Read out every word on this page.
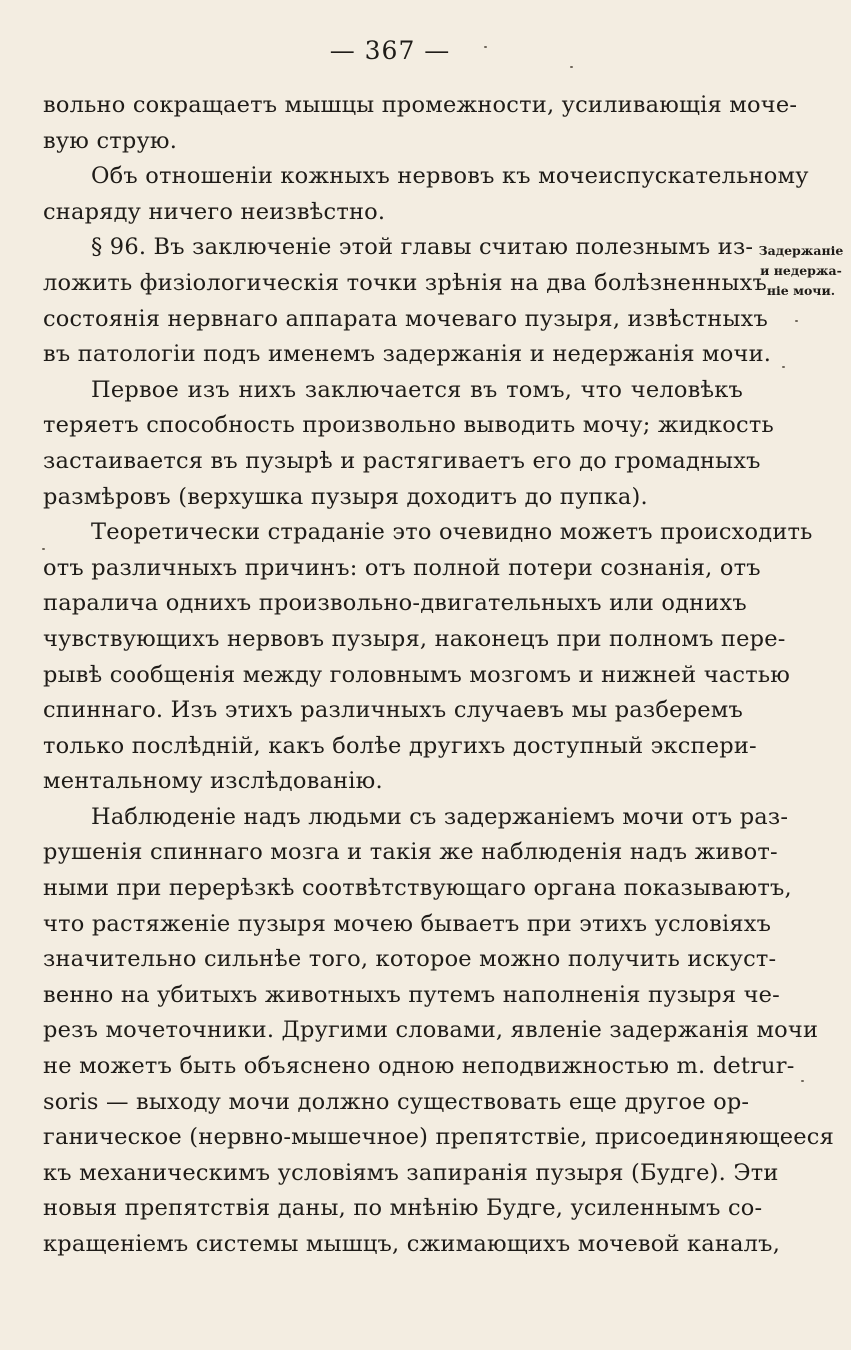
— 367 —
Задержаніе
и недержа-
ніе мочи.
вольно сокращаетъ мышцы промежности, усиливающія моче-
вую струю.
Объ отношеніи кожныхъ нервовъ къ мочеиспускательному
снаряду ничего неизвѣстно.
§ 96. Въ заключеніе этой главы считаю полезнымъ из-
ложить физіологическія точки зрѣнія на два болѣзненныхъ
состоянія нервнаго аппарата мочеваго пузыря, извѣстныхъ
въ патологіи подъ именемъ задержанія и недержанія мочи.
Первое изъ нихъ заключается въ томъ, что человѣкъ
теряетъ способность произвольно выводить мочу; жидкость
застаивается въ пузырѣ и растягиваетъ его до громадныхъ
размѣровъ (верхушка пузыря доходитъ до пупка).
Теоретически страданіе это очевидно можетъ происходить
отъ различныхъ причинъ: отъ полной потери сознанія, отъ
паралича однихъ произвольно-двигательныхъ или однихъ
чувствующихъ нервовъ пузыря, наконецъ при полномъ пере-
рывѣ сообщенія между головнымъ мозгомъ и нижней частью
спиннаго. Изъ этихъ различныхъ случаевъ мы разберемъ
только послѣдній, какъ болѣе другихъ доступный экспери-
ментальному изслѣдованію.
Наблюденіе надъ людьми съ задержаніемъ мочи отъ раз-
рушенія спиннаго мозга и такія же наблюденія надъ живот-
ными при перерѣзкѣ соотвѣтствующаго органа показываютъ,
что растяженіе пузыря мочею бываетъ при этихъ условіяхъ
значительно сильнѣе того, которое можно получить искуст-
венно на убитыхъ животныхъ путемъ наполненія пузыря че-
резъ мочеточники. Другими словами, явленіе задержанія мочи
не можетъ быть объяснено одною неподвижностью m. detrur-
soris — выходу мочи должно существовать еще другое ор-
ганическое (нервно-мышечное) препятствіе, присоединяющееся
къ механическимъ условіямъ запиранія пузыря (Будге). Эти
новыя препятствія даны, по мнѣнію Будге, усиленнымъ со-
кращеніемъ системы мышцъ, сжимающихъ мочевой каналъ,
